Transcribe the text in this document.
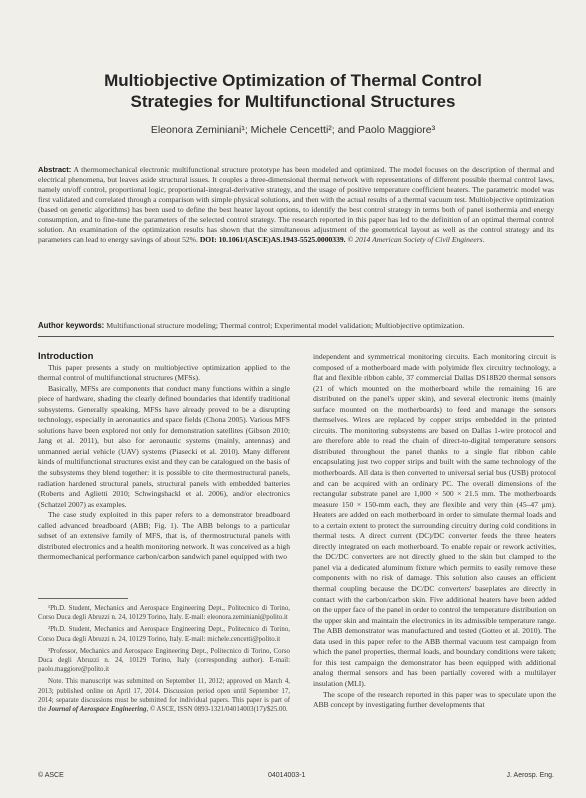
Multiobjective Optimization of Thermal Control
Strategies for Multifunctional Structures
Eleonora Zeminiani¹; Michele Cencetti²; and Paolo Maggiore³
Abstract: A thermomechanical electronic multifunctional structure prototype has been modeled and optimized. The model focuses on the description of thermal and electrical phenomena, but leaves aside structural issues. It couples a three-dimensional thermal network with representations of different possible thermal control laws, namely on/off control, proportional logic, proportional-integral-derivative strategy, and the usage of positive temperature coefficient heaters. The parametric model was first validated and correlated through a comparison with simple physical solutions, and then with the actual results of a thermal vacuum test. Multiobjective optimization (based on genetic algorithms) has been used to define the best heater layout options, to identify the best control strategy in terms both of panel isothermia and energy consumption, and to fine-tune the parameters of the selected control strategy. The research reported in this paper has led to the definition of an optimal thermal control solution. An examination of the optimization results has shown that the simultaneous adjustment of the geometrical layout as well as the control strategy and its parameters can lead to energy savings of about 52%. DOI: 10.1061/(ASCE)AS.1943-5525.0000339. © 2014 American Society of Civil Engineers.
Author keywords: Multifunctional structure modeling; Thermal control; Experimental model validation; Multiobjective optimization.

Introduction

This paper presents a study on multiobjective optimization applied to the thermal control of multifunctional structures (MFSs).

Basically, MFSs are components that conduct many functions within a single piece of hardware, shading the clearly defined boundaries that identify traditional subsystems. Generally speaking, MFSs have already proved to be a disrupting technology, especially in aeronautics and space fields (Chona 2005). Various MFS solutions have been explored not only for demonstration satellites (Gibson 2010; Jang et al. 2011), but also for aeronautic systems (mainly, antennas) and unmanned aerial vehicle (UAV) systems (Piasecki et al. 2010). Many different kinds of multifunctional structures exist and they can be catalogued on the basis of the subsystems they blend together: it is possible to cite thermostructural panels, radiation hardened structural panels, structural panels with embedded batteries (Roberts and Aglietti 2010; Schwingshackl et al. 2006), and/or electronics (Schatzel 2007) as examples.

The case study exploited in this paper refers to a demonstrator breadboard called advanced breadboard (ABB; Fig. 1). The ABB belongs to a particular subset of an extensive family of MFS, that is, of thermostructural panels with distributed electronics and a health monitoring network. It was conceived as a high thermomechanical performance carbon/carbon sandwich panel equipped with two

¹Ph.D. Student, Mechanics and Aerospace Engineering Dept., Politecnico di Torino, Corso Duca degli Abruzzi n. 24, 10129 Torino, Italy. E-mail: eleonora.zeminiani@polito.it

²Ph.D. Student, Mechanics and Aerospace Engineering Dept., Politecnico di Torino, Corso Duca degli Abruzzi n. 24, 10129 Torino, Italy. E-mail: michele.cencetti@polito.it

³Professor, Mechanics and Aerospace Engineering Dept., Politecnico di Torino, Corso Duca degli Abruzzi n. 24, 10129 Torino, Italy (corresponding author). E-mail: paolo.maggiore@polito.it

Note. This manuscript was submitted on September 11, 2012; approved on March 4, 2013; published online on April 17, 2014. Discussion period open until September 17, 2014; separate discussions must be submitted for individual papers. This paper is part of the Journal of Aerospace Engineering, © ASCE, ISSN 0893-1321/04014003(17)/$25.00.

independent and symmetrical monitoring circuits. Each monitoring circuit is composed of a motherboard made with polyimide flex circuitry technology, a flat and flexible ribbon cable, 37 commercial Dallas DS18B20 thermal sensors (21 of which mounted on the motherboard while the remaining 16 are distributed on the panel's upper skin), and several electronic items (mainly surface mounted on the motherboards) to feed and manage the sensors themselves. Wires are replaced by copper strips embedded in the printed circuits. The monitoring subsystems are based on Dallas 1-wire protocol and are therefore able to read the chain of direct-to-digital temperature sensors distributed throughout the panel thanks to a single flat ribbon cable encapsulating just two copper strips and built with the same technology of the motherboards. All data is then converted to universal serial bus (USB) protocol and can be acquired with an ordinary PC. The overall dimensions of the rectangular substrate panel are 1,000 × 500 × 21.5 mm. The motherboards measure 150 × 150-mm each, they are flexible and very thin (45–47 μm). Heaters are added on each motherboard in order to simulate thermal loads and to a certain extent to protect the surrounding circuitry during cold conditions in thermal tests. A direct current (DC)/DC converter feeds the three heaters directly integrated on each motherboard. To enable repair or rework activities, the DC/DC converters are not directly glued to the skin but clamped to the panel via a dedicated aluminum fixture which permits to easily remove these components with no risk of damage. This solution also causes an efficient thermal coupling because the DC/DC converters' baseplates are directly in contact with the carbon/carbon skin. Five additional heaters have been added on the upper face of the panel in order to control the temperature distribution on the upper skin and maintain the electronics in its admissible temperature range. The ABB demonstrator was manufactured and tested (Gotteo et al. 2010). The data used in this paper refer to the ABB thermal vacuum test campaign from which the panel properties, thermal loads, and boundary conditions were taken; for this test campaign the demonstrator has been equipped with additional analog thermal sensors and has been partially covered with a multilayer insulation (MLI).

The scope of the research reported in this paper was to speculate upon the ABB concept by investigating further developments that

© ASCE	04014003-1	J. Aerosp. Eng.
